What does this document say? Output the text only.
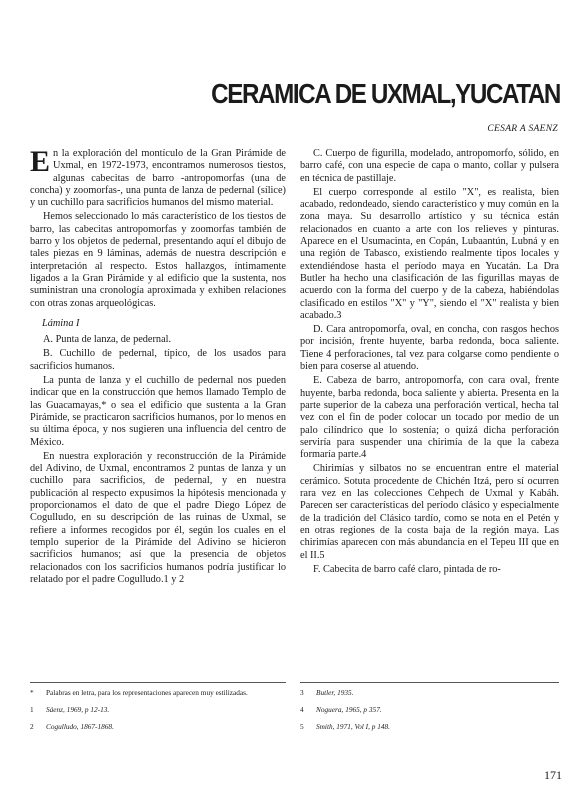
CERAMICA DE UXMAL,YUCATAN
CESAR A SAENZ

En la exploración del montículo de la Gran Pirámide de Uxmal, en 1972-1973, encontramos numerosos tiestos, algunas cabecitas de barro -antropomorfas (una de concha) y zoomorfas-, una punta de lanza de pedernal (sílice) y un cuchillo para sacrificios humanos del mismo material.

Hemos seleccionado lo más característico de los tiestos de barro, las cabecitas antropomorfas y zoomorfas también de barro y los objetos de pedernal, presentando aquí el dibujo de tales piezas en 9 láminas, además de nuestra descripción e interpretación al respecto. Estos hallazgos, íntimamente ligados a la Gran Pirámide y al edificio que la sustenta, nos suministran una cronología aproximada y exhiben relaciones con otras zonas arqueológicas.

Lámina I

A. Punta de lanza, de pedernal.

B. Cuchillo de pedernal, típico, de los usados para sacrificios humanos.

La punta de lanza y el cuchillo de pedernal nos pueden indicar que en la construcción que hemos llamado Templo de las Guacamayas,* o sea el edificio que sustenta a la Gran Pirámide, se practicaron sacrificios humanos, por lo menos en su última época, y nos sugieren una influencia del centro de México.

En nuestra exploración y reconstrucción de la Pirámide del Adivino, de Uxmal, encontramos 2 puntas de lanza y un cuchillo para sacrificios, de pedernal, y en nuestra publicación al respecto expusimos la hipótesis mencionada y proporcionamos el dato de que el padre Diego López de Cogulludo, en su descripción de las ruinas de Uxmal, se refiere a informes recogidos por él, según los cuales en el templo superior de la Pirámide del Adivino se hicieron sacrificios humanos; así que la presencia de objetos relacionados con los sacrificios humanos podría justificar lo relatado por el padre Cogulludo.1 y 2

C. Cuerpo de figurilla, modelado, antropomorfo, sólido, en barro café, con una especie de capa o manto, collar y pulsera en técnica de pastillaje.

El cuerpo corresponde al estilo "X", es realista, bien acabado, redondeado, siendo característico y muy común en la zona maya. Su desarrollo artístico y su técnica están relacionados en cuanto a arte con los relieves y pinturas. Aparece en el Usumacinta, en Copán, Lubaantún, Lubná y en una región de Tabasco, existiendo realmente tipos locales y extendiéndose hasta el período maya en Yucatán. La Dra Butler ha hecho una clasificación de las figurillas mayas de acuerdo con la forma del cuerpo y de la cabeza, habiéndolas clasificado en estilos "X" y "Y", siendo el "X" realista y bien acabado.3

D. Cara antropomorfa, oval, en concha, con rasgos hechos por incisión, frente huyente, barba redonda, boca saliente. Tiene 4 perforaciones, tal vez para colgarse como pendiente o bien para coserse al atuendo.

E. Cabeza de barro, antropomorfa, con cara oval, frente huyente, barba redonda, boca saliente y abierta. Presenta en la parte superior de la cabeza una perforación vertical, hecha tal vez con el fin de poder colocar un tocado por medio de un palo cilíndrico que lo sostenía; o quizá dicha perforación serviría para suspender una chirimía de la que la cabeza formaría parte.4

Chirimías y silbatos no se encuentran entre el material cerámico. Sotuta procedente de Chichén Itzá, pero sí ocurren rara vez en las colecciones Cehpech de Uxmal y Kabáh. Parecen ser características del período clásico y especialmente de la tradición del Clásico tardío, como se nota en el Petén y en otras regiones de la costa baja de la región maya. Las chirimías aparecen con más abundancia en el Tepeu III que en el II.5

F. Cabecita de barro café claro, pintada de ro-

* Palabras en letra, para los representaciones aparecen muy estilizadas.
1 Sáenz, 1969, p 12-13.
2 Cogulludo, 1867-1868.
3 Butler, 1935.
4 Noguera, 1965, p 357.
5 Smith, 1971, Vol I, p 148.
171
